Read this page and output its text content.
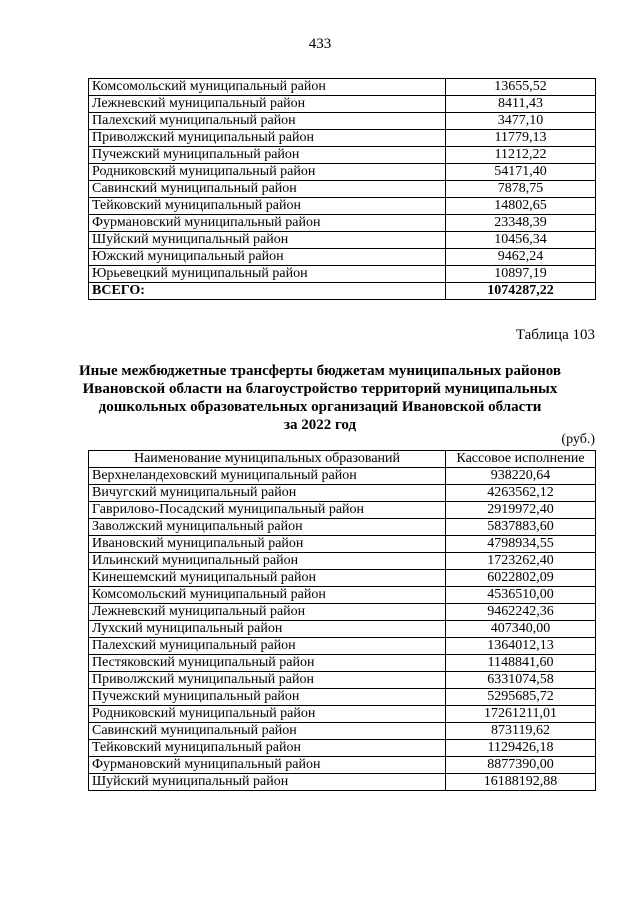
433
Комсомольский муниципальный район	13655,52
Лежневский муниципальный район	8411,43
Палехский муниципальный район	3477,10
Приволжский муниципальный район	11779,13
Пучежский муниципальный район	11212,22
Родниковский муниципальный район	54171,40
Савинский муниципальный район	7878,75
Тейковский муниципальный район	14802,65
Фурмановский муниципальный район	23348,39
Шуйский муниципальный район	10456,34
Южский муниципальный район	9462,24
Юрьевецкий муниципальный район	10897,19
ВСЕГО:	1074287,22
Таблица 103
Иные межбюджетные трансферты бюджетам муниципальных районов
Ивановской области на благоустройство территорий муниципальных
дошкольных образовательных организаций Ивановской области
за 2022 год
(руб.)
Наименование муниципальных образований	Кассовое исполнение
Верхнеландеховский муниципальный район	938220,64
Вичугский муниципальный район	4263562,12
Гаврилово-Посадский муниципальный район	2919972,40
Заволжский муниципальный район	5837883,60
Ивановский муниципальный район	4798934,55
Ильинский муниципальный район	1723262,40
Кинешемский муниципальный район	6022802,09
Комсомольский муниципальный район	4536510,00
Лежневский муниципальный район	9462242,36
Лухский муниципальный район	407340,00
Палехский муниципальный район	1364012,13
Пестяковский муниципальный район	1148841,60
Приволжский муниципальный район	6331074,58
Пучежский муниципальный район	5295685,72
Родниковский муниципальный район	17261211,01
Савинский муниципальный район	873119,62
Тейковский муниципальный район	1129426,18
Фурмановский муниципальный район	8877390,00
Шуйский муниципальный район	16188192,88
